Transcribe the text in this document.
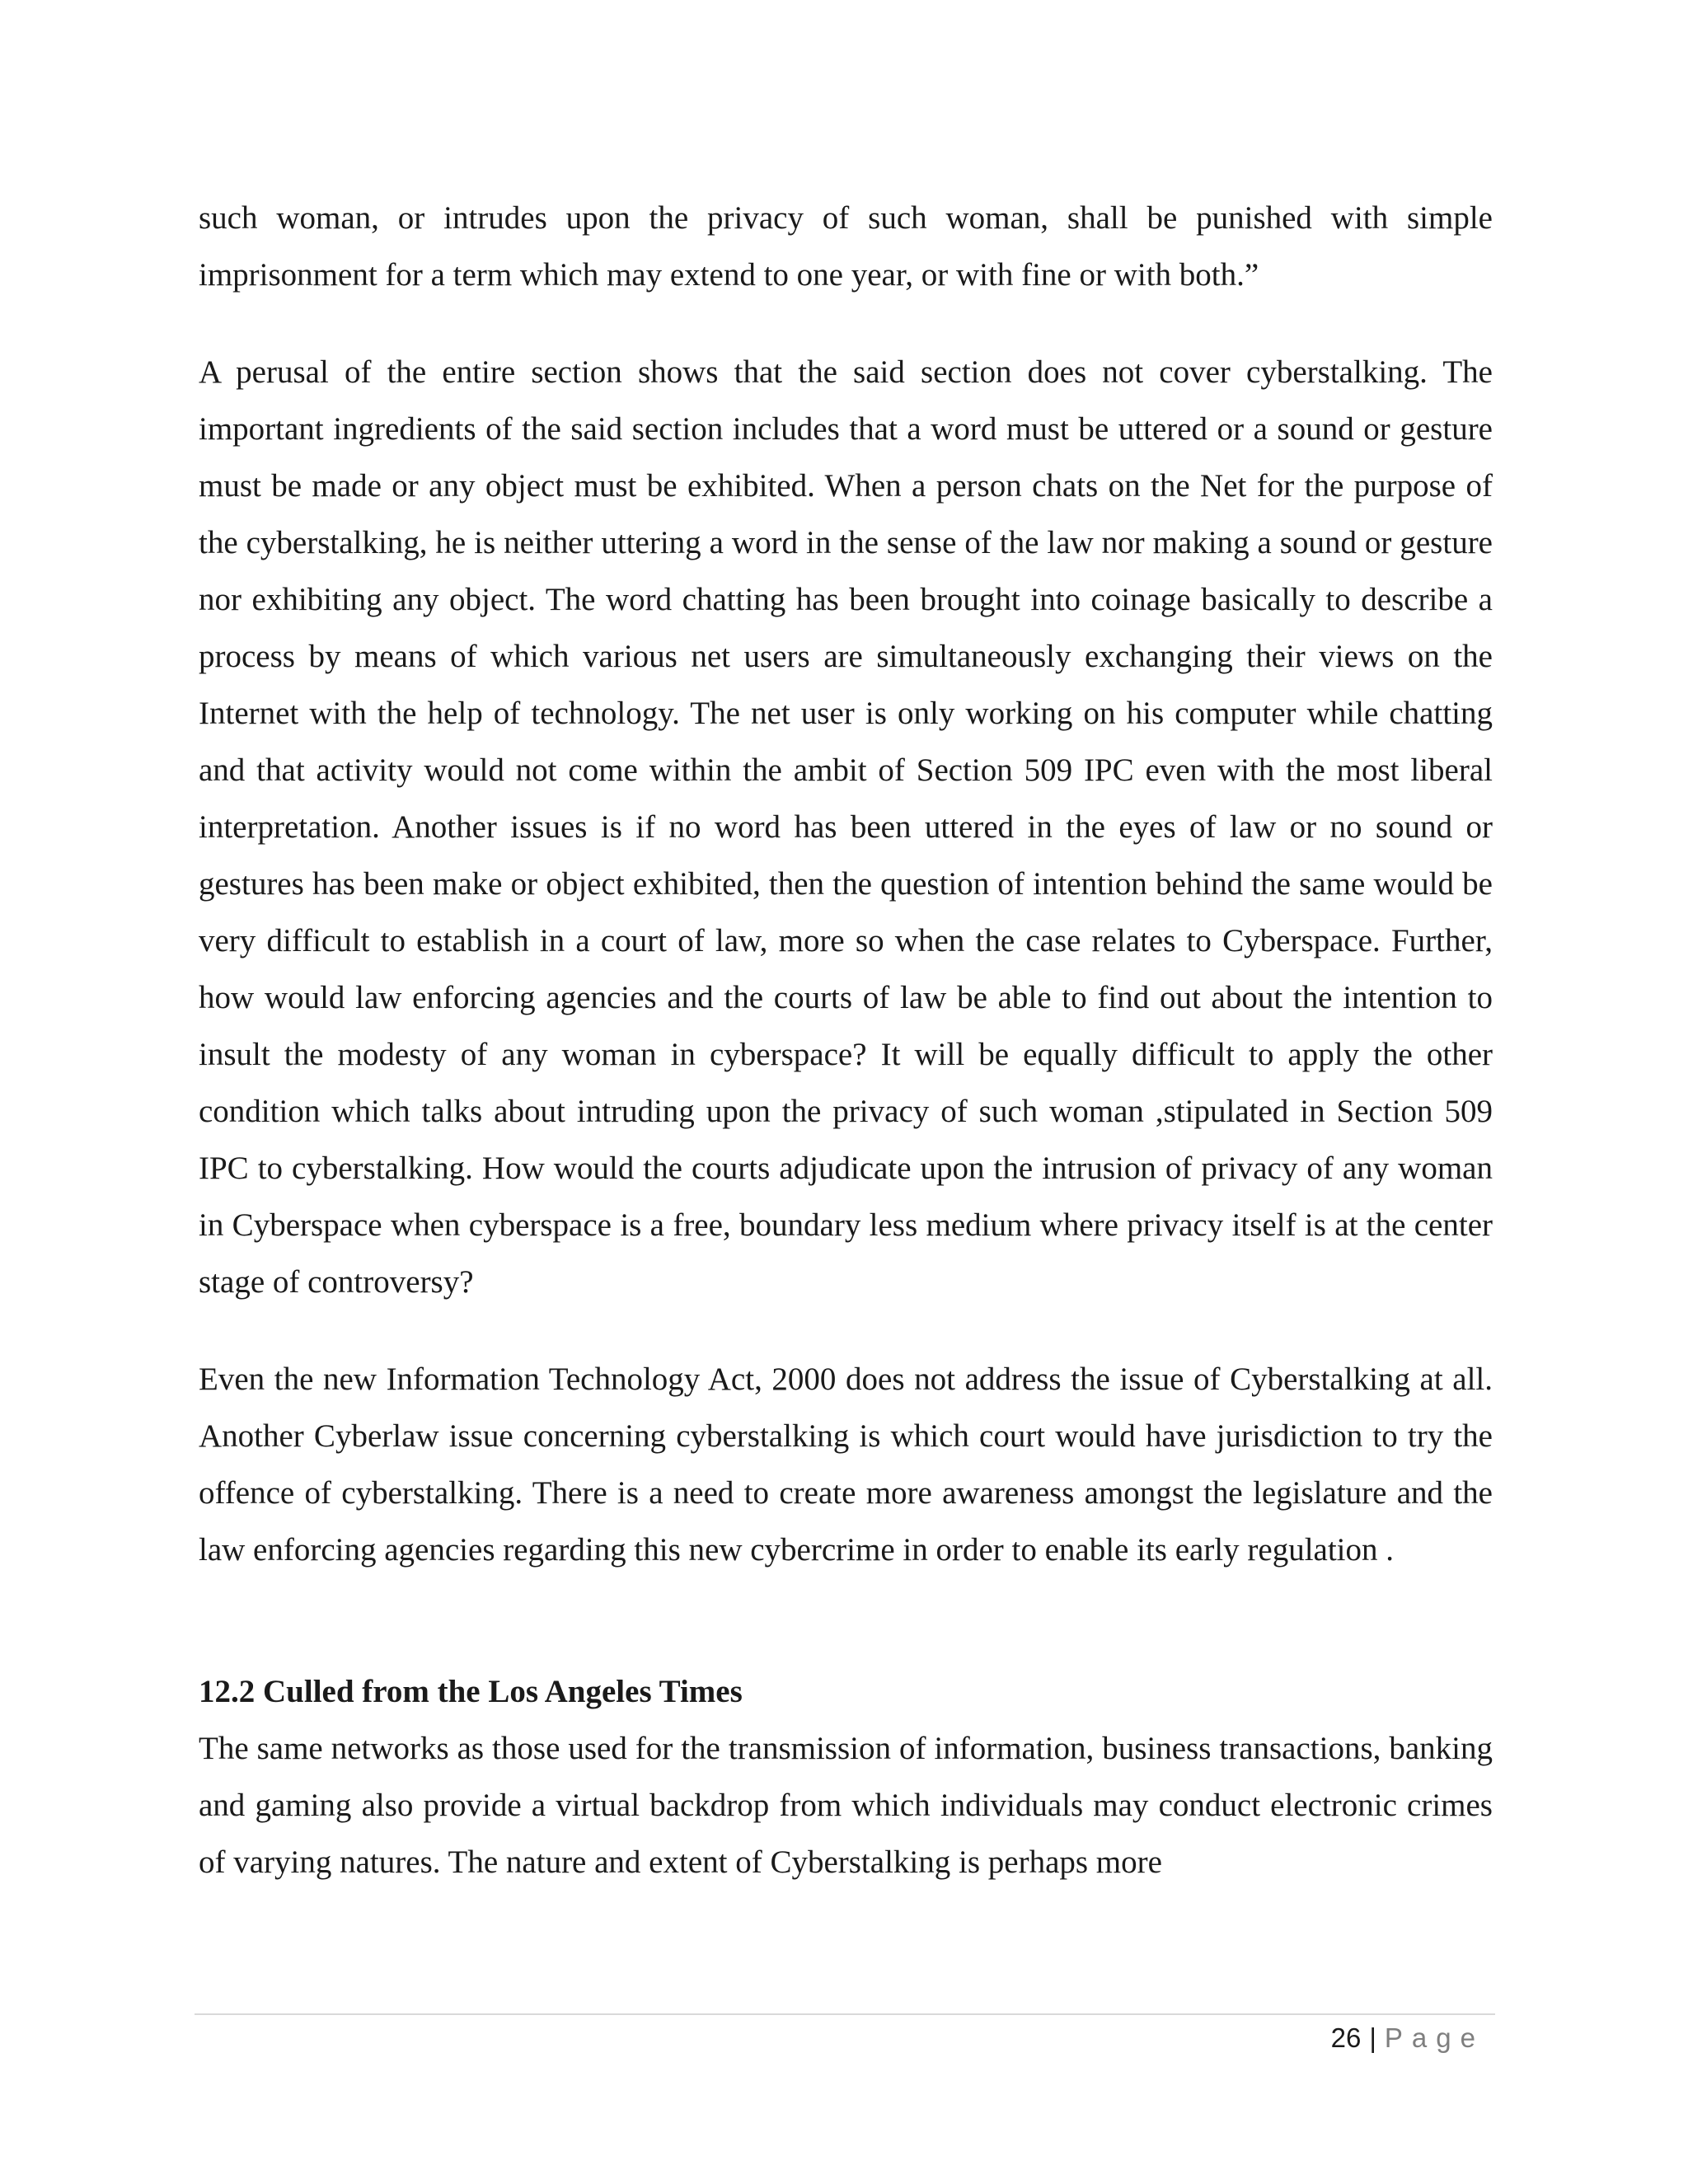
such woman, or intrudes upon the privacy of such woman, shall be punished with simple imprisonment for a term which may extend to one year, or with fine or with both.”

A perusal of the entire section shows that the said section does not cover cyberstalking. The important ingredients of the said section includes that a word must be uttered or a sound or gesture must be made or any object must be exhibited. When a person chats on the Net for the purpose of the cyberstalking, he is neither uttering a word in the sense of the law nor making a sound or gesture nor exhibiting any object. The word chatting has been brought into coinage basically to describe a process by means of which various net users are simultaneously exchanging their views on the Internet with the help of technology. The net user is only working on his computer while chatting and that activity would not come within the ambit of Section 509 IPC even with the most liberal interpretation. Another issues is if no word has been uttered in the eyes of law or no sound or gestures has been make or object exhibited, then the question of intention behind the same would be very difficult to establish in a court of law, more so when the case relates to Cyberspace. Further, how would law enforcing agencies and the courts of law be able to find out about the intention to insult the modesty of any woman in cyberspace? It will be equally difficult to apply the other condition which talks about intruding upon the privacy of such woman ,stipulated in Section 509 IPC to cyberstalking. How would the courts adjudicate upon the intrusion of privacy of any woman in Cyberspace when cyberspace is a free, boundary less medium where privacy itself is at the center stage of controversy?

Even the new Information Technology Act, 2000 does not address the issue of Cyberstalking at all. Another Cyberlaw issue concerning cyberstalking is which court would have jurisdiction to try the offence of cyberstalking. There is a need to create more awareness amongst the legislature and the law enforcing agencies regarding this new cybercrime in order to enable its early regulation .

12.2 Culled from the Los Angeles Times

The same networks as those used for the transmission of information, business transactions, banking and gaming also provide a virtual backdrop from which individuals may conduct electronic crimes of varying natures. The nature and extent of Cyberstalking is perhaps more

26 | Page
